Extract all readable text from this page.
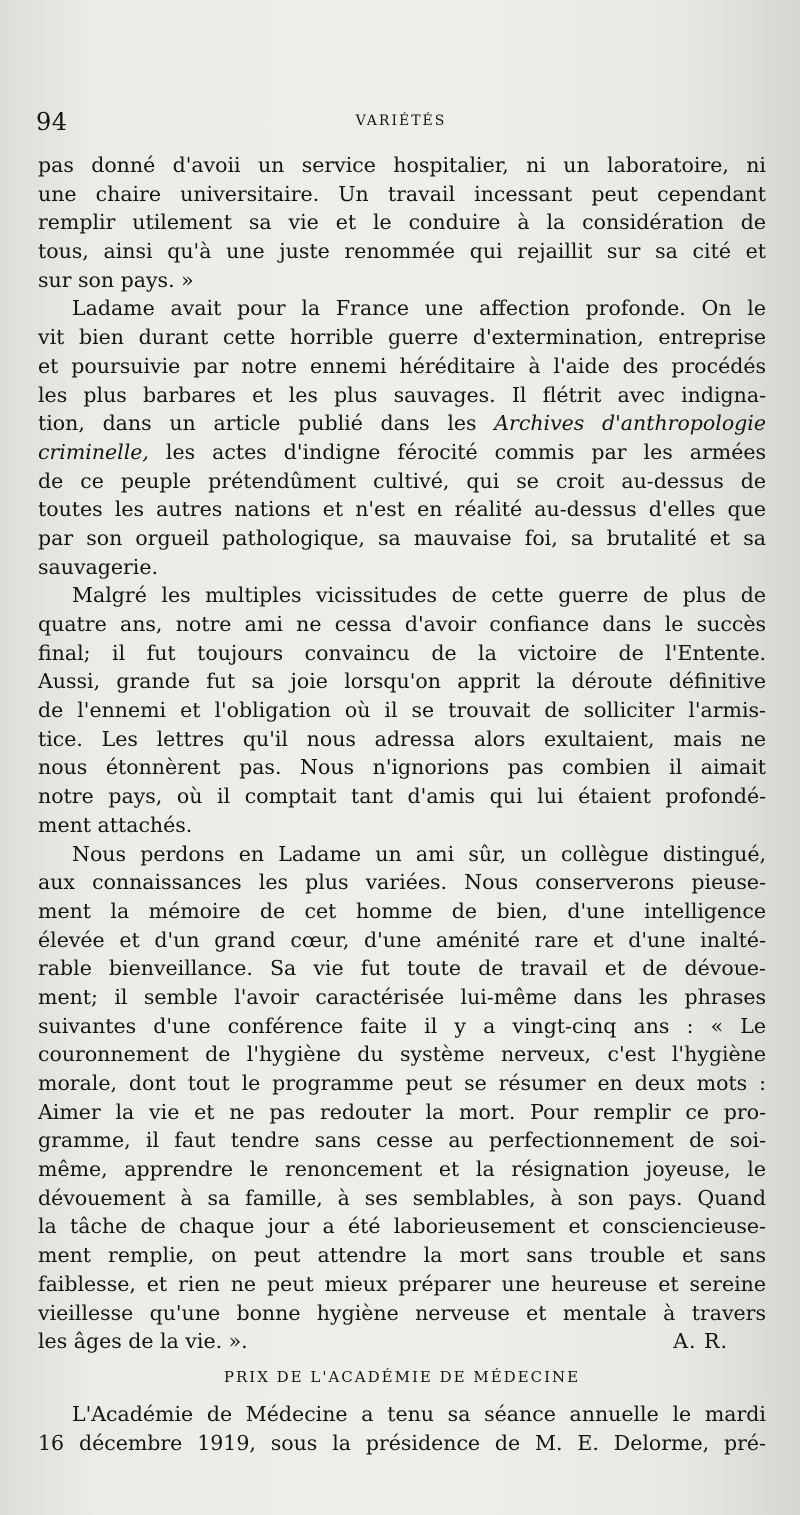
94	VARIÉTÉS
pas donné d'avoii un service hospitalier, ni un laboratoire, ni
une chaire universitaire. Un travail incessant peut cependant
remplir utilement sa vie et le conduire à la considération de
tous, ainsi qu'à une juste renommée qui rejaillit sur sa cité et
sur son pays. »
Ladame avait pour la France une affection profonde. On le
vit bien durant cette horrible guerre d'extermination, entreprise
et poursuivie par notre ennemi héréditaire à l'aide des procédés
les plus barbares et les plus sauvages. Il flétrit avec indigna-
tion, dans un article publié dans les Archives d'anthropologie
criminelle, les actes d'indigne férocité commis par les armées
de ce peuple prétendûment cultivé, qui se croit au-dessus de
toutes les autres nations et n'est en réalité au-dessus d'elles que
par son orgueil pathologique, sa mauvaise foi, sa brutalité et sa
sauvagerie.
Malgré les multiples vicissitudes de cette guerre de plus de
quatre ans, notre ami ne cessa d'avoir confiance dans le succès
final; il fut toujours convaincu de la victoire de l'Entente.
Aussi, grande fut sa joie lorsqu'on apprit la déroute définitive
de l'ennemi et l'obligation où il se trouvait de solliciter l'armis-
tice. Les lettres qu'il nous adressa alors exultaient, mais ne
nous étonnèrent pas. Nous n'ignorions pas combien il aimait
notre pays, où il comptait tant d'amis qui lui étaient profondé-
ment attachés.
Nous perdons en Ladame un ami sûr, un collègue distingué,
aux connaissances les plus variées. Nous conserverons pieuse-
ment la mémoire de cet homme de bien, d'une intelligence
élevée et d'un grand cœur, d'une aménité rare et d'une inalté-
rable bienveillance. Sa vie fut toute de travail et de dévoue-
ment; il semble l'avoir caractérisée lui-même dans les phrases
suivantes d'une conférence faite il y a vingt-cinq ans : « Le
couronnement de l'hygiène du système nerveux, c'est l'hygiène
morale, dont tout le programme peut se résumer en deux mots :
Aimer la vie et ne pas redouter la mort. Pour remplir ce pro-
gramme, il faut tendre sans cesse au perfectionnement de soi-
même, apprendre le renoncement et la résignation joyeuse, le
dévouement à sa famille, à ses semblables, à son pays. Quand
la tâche de chaque jour a été laborieusement et consciencieuse-
ment remplie, on peut attendre la mort sans trouble et sans
faiblesse, et rien ne peut mieux préparer une heureuse et sereine
vieillesse qu'une bonne hygiène nerveuse et mentale à travers
les âges de la vie. ».	A. R.
PRIX DE L'ACADÉMIE DE MÉDECINE
L'Académie de Médecine a tenu sa séance annuelle le mardi
16 décembre 1919, sous la présidence de M. E. Delorme, pré-
